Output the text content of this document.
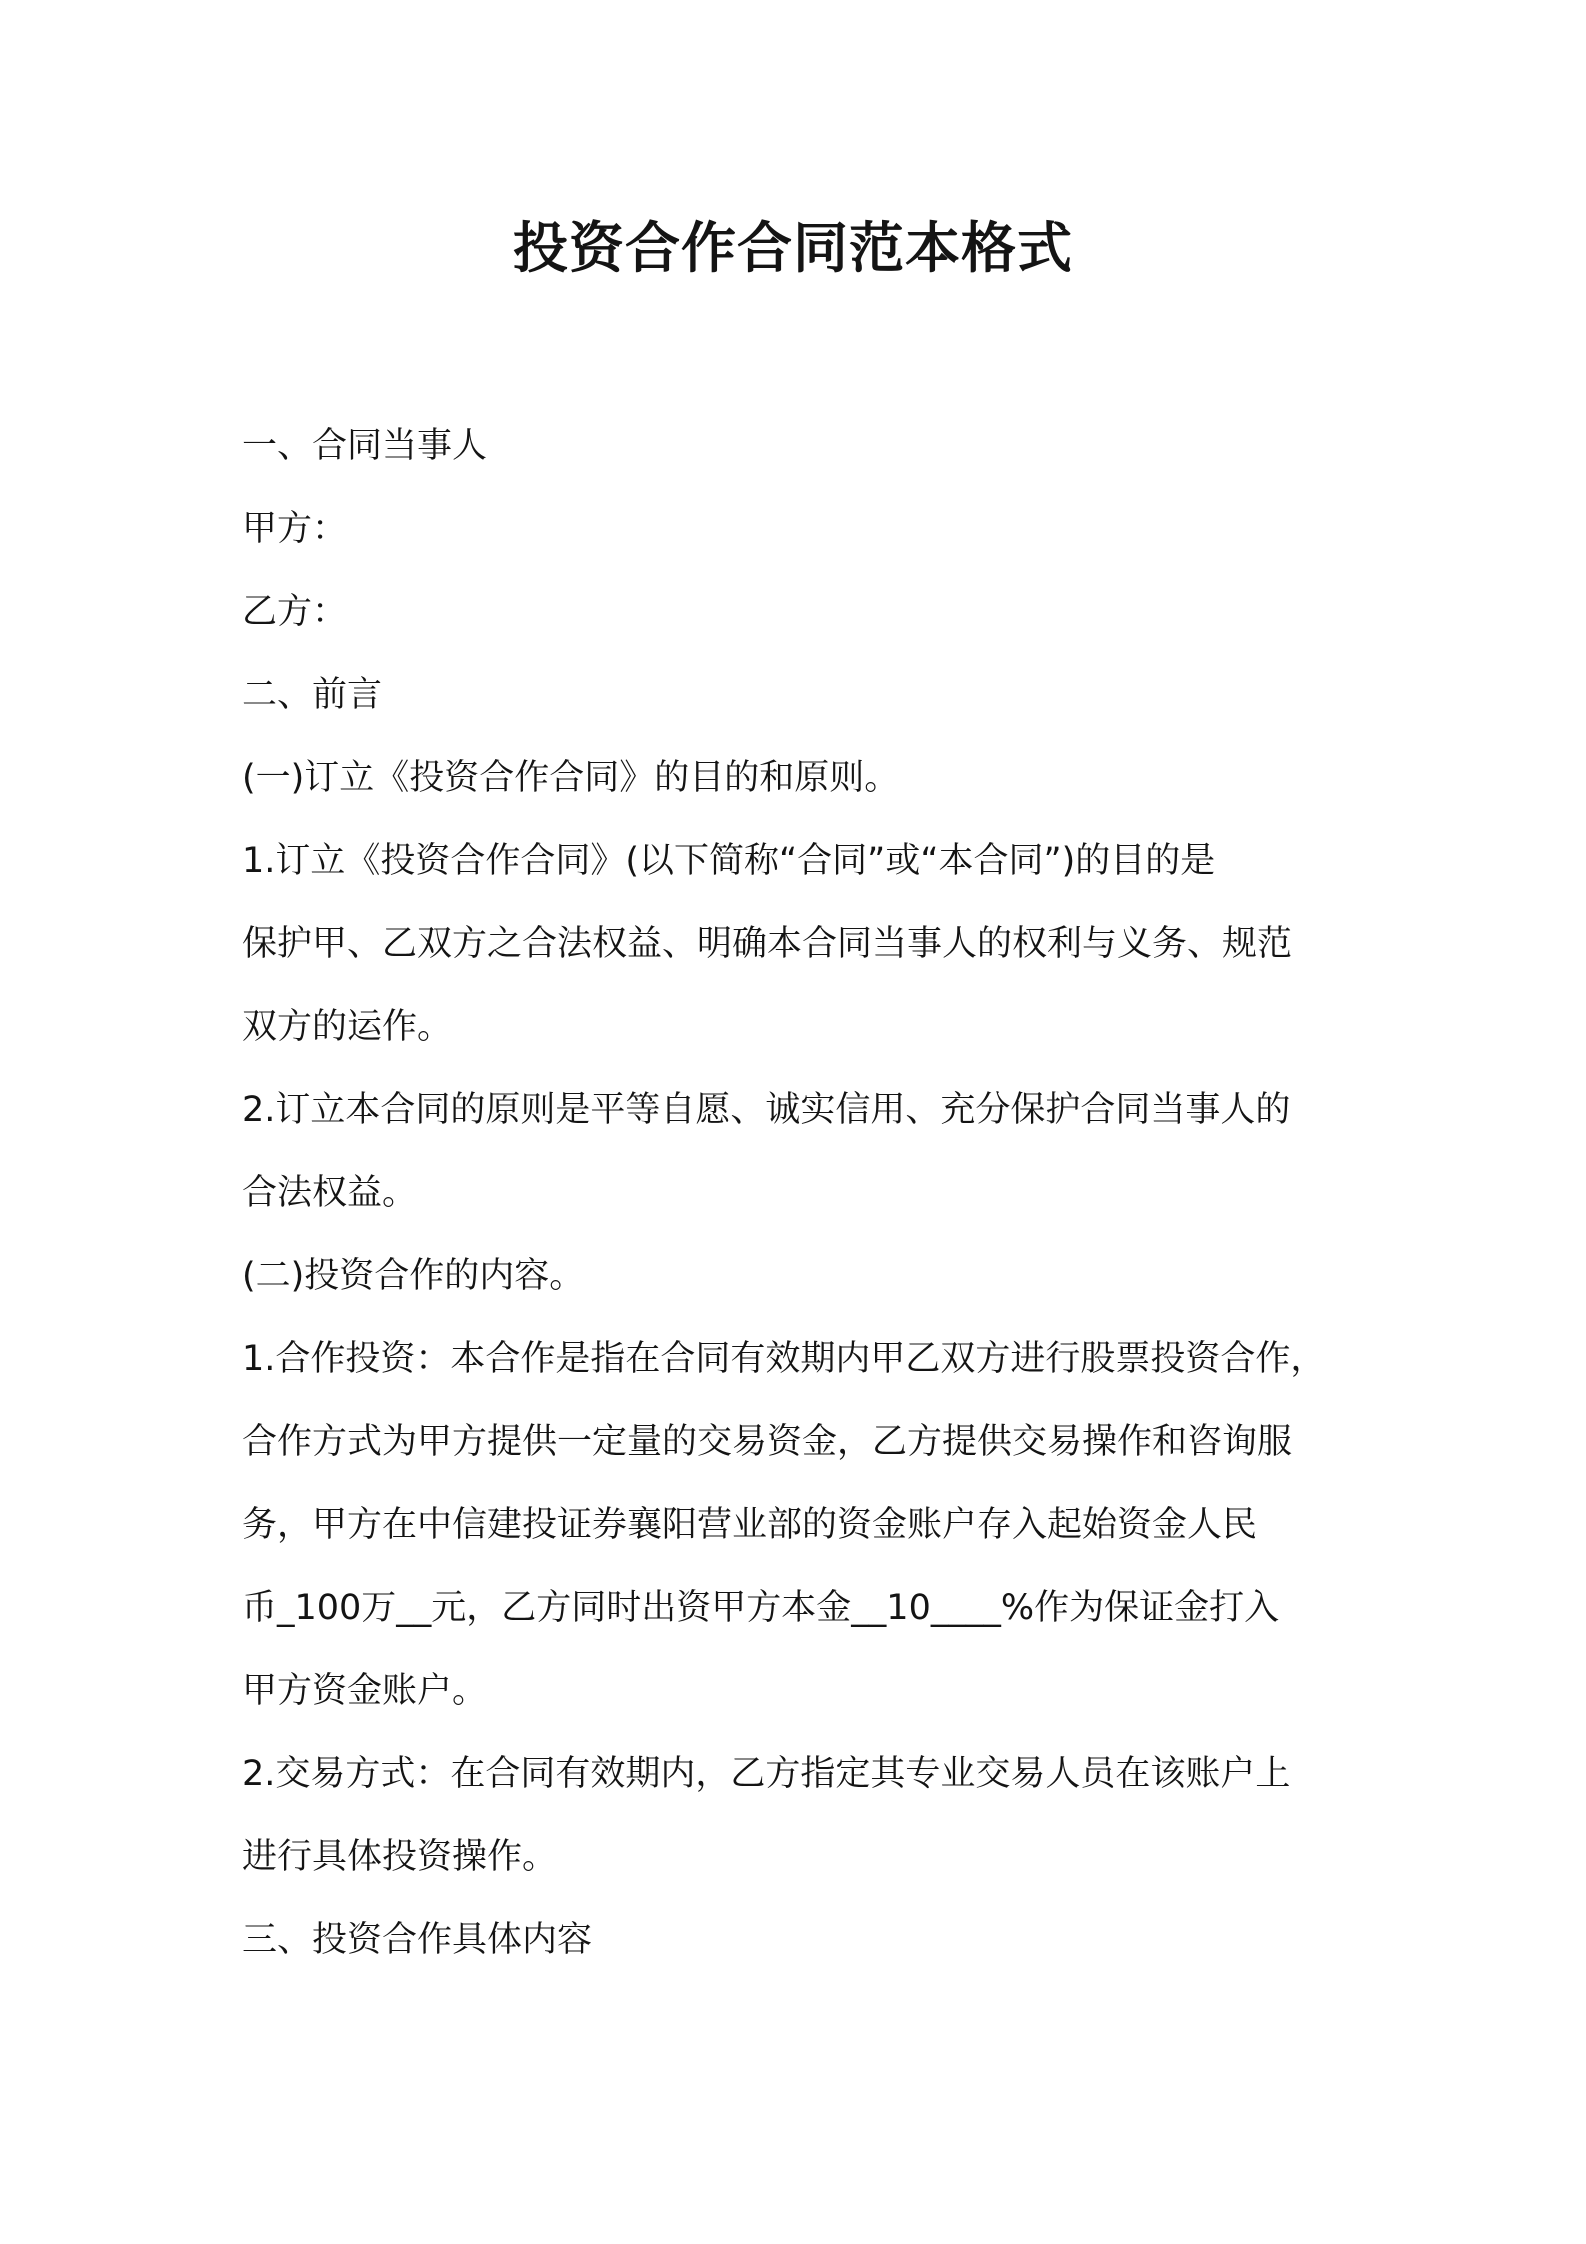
投资合作合同范本格式

一、合同当事人

甲方：

乙方：

二、前言

(一)订立《投资合作合同》的目的和原则。

1.订立《投资合作合同》(以下简称“合同”或“本合同”)的目的是

保护甲、乙双方之合法权益、明确本合同当事人的权利与义务、规范

双方的运作。

2.订立本合同的原则是平等自愿、诚实信用、充分保护合同当事人的

合法权益。

(二)投资合作的内容。

1.合作投资：本合作是指在合同有效期内甲乙双方进行股票投资合作，

合作方式为甲方提供一定量的交易资金，乙方提供交易操作和咨询服

务，甲方在中信建投证券襄阳营业部的资金账户存入起始资金人民

币_100万__元，乙方同时出资甲方本金__10____%作为保证金打入

甲方资金账户。

2.交易方式：在合同有效期内，乙方指定其专业交易人员在该账户上

进行具体投资操作。

三、投资合作具体内容
